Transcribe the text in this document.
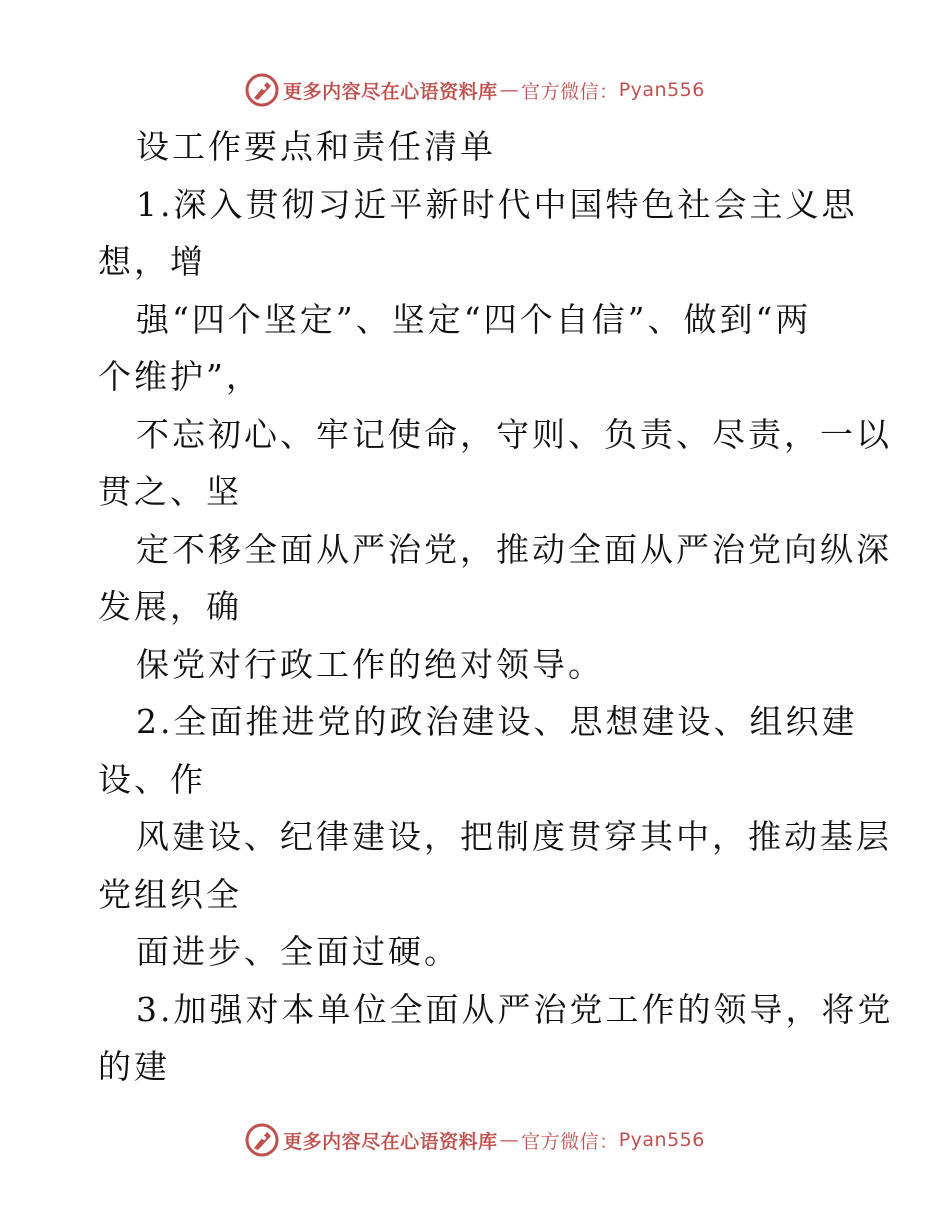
更多内容尽在心语资料库 — 官方微信： Pyan556
设工作要点和责任清单
1.深入贯彻习近平新时代中国特色社会主义思
想，增
强“四个坚定”、坚定“四个自信”、做到“两
个维护”，
不忘初心、牢记使命，守则、负责、尽责，一以
贯之、坚
定不移全面从严治党，推动全面从严治党向纵深
发展，确
保党对行政工作的绝对领导。
2.全面推进党的政治建设、思想建设、组织建
设、作
风建设、纪律建设，把制度贯穿其中，推动基层
党组织全
面进步、全面过硬。
3.加强对本单位全面从严治党工作的领导，将党
的建
更多内容尽在心语资料库 — 官方微信： Pyan556
